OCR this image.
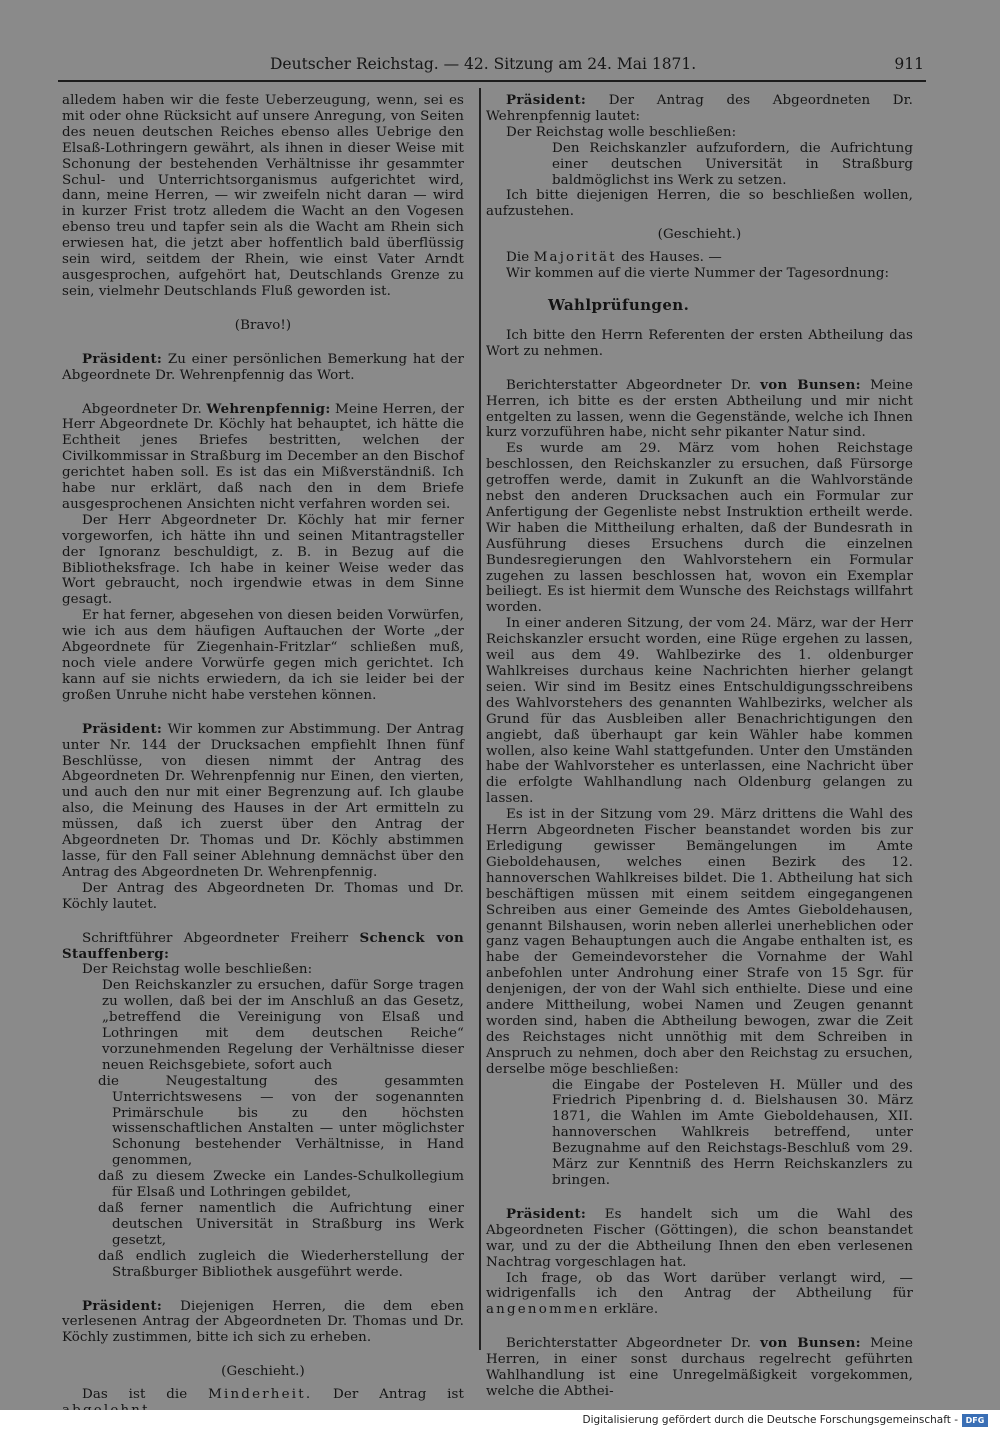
Deutscher Reichstag. — 42. Sitzung am 24. Mai 1871.	911

alledem haben wir die feste Ueberzeugung, wenn, sei es mit oder ohne Rücksicht auf unsere Anregung, von Seiten des neuen deutschen Reiches ebenso alles Uebrige den Elsaß-Lothringern gewährt, als ihnen in dieser Weise mit Schonung der bestehenden Verhältnisse ihr gesammter Schul- und Unterrichtsorganismus aufgerichtet wird, dann, meine Herren, — wir zweifeln nicht daran — wird in kurzer Frist trotz alledem die Wacht an den Vogesen ebenso treu und tapfer sein als die Wacht am Rhein sich erwiesen hat, die jetzt aber hoffentlich bald überflüssig sein wird, seitdem der Rhein, wie einst Vater Arndt ausgesprochen, aufgehört hat, Deutschlands Grenze zu sein, vielmehr Deutschlands Fluß geworden ist.

(Bravo!)

Präsident: Zu einer persönlichen Bemerkung hat der Abgeordnete Dr. Wehrenpfennig das Wort.

Abgeordneter Dr. Wehrenpfennig: Meine Herren, der Herr Abgeordnete Dr. Köchly hat behauptet, ich hätte die Echtheit jenes Briefes bestritten, welchen der Civilkommissar in Straßburg im December an den Bischof gerichtet haben soll. Es ist das ein Mißverständniß. Ich habe nur erklärt, daß nach den in dem Briefe ausgesprochenen Ansichten nicht verfahren worden sei.

Der Herr Abgeordneter Dr. Köchly hat mir ferner vorgeworfen, ich hätte ihn und seinen Mitantragsteller der Ignoranz beschuldigt, z. B. in Bezug auf die Bibliotheksfrage. Ich habe in keiner Weise weder das Wort gebraucht, noch irgendwie etwas in dem Sinne gesagt.

Er hat ferner, abgesehen von diesen beiden Vorwürfen, wie ich aus dem häufigen Auftauchen der Worte „der Abgeordnete für Ziegenhain-Fritzlar“ schließen muß, noch viele andere Vorwürfe gegen mich gerichtet. Ich kann auf sie nichts erwiedern, da ich sie leider bei der großen Unruhe nicht habe verstehen können.

Präsident: Wir kommen zur Abstimmung. Der Antrag unter Nr. 144 der Drucksachen empfiehlt Ihnen fünf Beschlüsse, von diesen nimmt der Antrag des Abgeordneten Dr. Wehrenpfennig nur Einen, den vierten, und auch den nur mit einer Begrenzung auf. Ich glaube also, die Meinung des Hauses in der Art ermitteln zu müssen, daß ich zuerst über den Antrag der Abgeordneten Dr. Thomas und Dr. Köchly abstimmen lasse, für den Fall seiner Ablehnung demnächst über den Antrag des Abgeordneten Dr. Wehrenpfennig.

Der Antrag des Abgeordneten Dr. Thomas und Dr. Köchly lautet.

Schriftführer Abgeordneter Freiherr Schenck von Stauffenberg:

Der Reichstag wolle beschließen:

Den Reichskanzler zu ersuchen, dafür Sorge tragen zu wollen, daß bei der im Anschluß an das Gesetz, „betreffend die Vereinigung von Elsaß und Lothringen mit dem deutschen Reiche“ vorzunehmenden Regelung der Verhältnisse dieser neuen Reichsgebiete, sofort auch

die Neugestaltung des gesammten Unterrichtswesens — von der sogenannten Primärschule bis zu den höchsten wissenschaftlichen Anstalten — unter möglichster Schonung bestehender Verhältnisse, in Hand genommen,

daß zu diesem Zwecke ein Landes-Schulkollegium für Elsaß und Lothringen gebildet,

daß ferner namentlich die Aufrichtung einer deutschen Universität in Straßburg ins Werk gesetzt,

daß endlich zugleich die Wiederherstellung der Straßburger Bibliothek ausgeführt werde.

Präsident: Diejenigen Herren, die dem eben verlesenen Antrag der Abgeordneten Dr. Thomas und Dr. Köchly zustimmen, bitte ich sich zu erheben.

(Geschieht.)

Das ist die Minderheit. Der Antrag ist

Präsident: Der Antrag des Abgeordneten Dr. Wehrenpfennig lautet:

Der Reichstag wolle beschließen:

Den Reichskanzler aufzufordern, die Aufrichtung einer deutschen Universität in Straßburg baldmöglichst ins Werk zu setzen.

Ich bitte diejenigen Herren, die so beschließen wollen, aufzustehen.

(Geschieht.)

Die Majorität des Hauses. —

Wir kommen auf die vierte Nummer der Tagesordnung:

Wahlprüfungen.

Ich bitte den Herrn Referenten der ersten Abtheilung das Wort zu nehmen.

Berichterstatter Abgeordneter Dr. von Bunsen: Meine Herren, ich bitte es der ersten Abtheilung und mir nicht entgelten zu lassen, wenn die Gegenstände, welche ich Ihnen kurz vorzuführen habe, nicht sehr pikanter Natur sind.

Es wurde am 29. März vom hohen Reichstage beschlossen, den Reichskanzler zu ersuchen, daß Fürsorge getroffen werde, damit in Zukunft an die Wahlvorstände nebst den anderen Drucksachen auch ein Formular zur Anfertigung der Gegenliste nebst Instruktion ertheilt werde. Wir haben die Mittheilung erhalten, daß der Bundesrath in Ausführung dieses Ersuchens durch die einzelnen Bundesregierungen den Wahlvorstehern ein Formular zugehen zu lassen beschlossen hat, wovon ein Exemplar beiliegt. Es ist hiermit dem Wunsche des Reichstags willfahrt worden.

In einer anderen Sitzung, der vom 24. März, war der Herr Reichskanzler ersucht worden, eine Rüge ergehen zu lassen, weil aus dem 49. Wahlbezirke des 1. oldenburger Wahlkreises durchaus keine Nachrichten hierher gelangt seien. Wir sind im Besitz eines Entschuldigungsschreibens des Wahlvorstehers des genannten Wahlbezirks, welcher als Grund für das Ausbleiben aller Benachrichtigungen den angiebt, daß überhaupt gar kein Wähler habe kommen wollen, also keine Wahl stattgefunden. Unter den Umständen habe der Wahlvorsteher es unterlassen, eine Nachricht über die erfolgte Wahlhandlung nach Oldenburg gelangen zu lassen.

Es ist in der Sitzung vom 29. März drittens die Wahl des Herrn Abgeordneten Fischer beanstandet worden bis zur Erledigung gewisser Bemängelungen im Amte Gieboldehausen, welches einen Bezirk des 12. hannoverschen Wahlkreises bildet. Die 1. Abtheilung hat sich beschäftigen müssen mit einem seitdem eingegangenen Schreiben aus einer Gemeinde des Amtes Gieboldehausen, genannt Bilshausen, worin neben allerlei unerheblichen oder ganz vagen Behauptungen auch die Angabe enthalten ist, es habe der Gemeindevorsteher die Vornahme der Wahl anbefohlen unter Androhung einer Strafe von 15 Sgr. für denjenigen, der von der Wahl sich enthielte. Diese und eine andere Mittheilung, wobei Namen und Zeugen genannt worden sind, haben die Abtheilung bewogen, zwar die Zeit des Reichstages nicht unnöthig mit dem Schreiben in Anspruch zu nehmen, doch aber den Reichstag zu ersuchen, derselbe möge beschließen:

die Eingabe der Posteleven H. Müller und des Friedrich Pipenbring d. d. Bielshausen 30. März 1871, die Wahlen im Amte Gieboldehausen, XII. hannoverschen Wahlkreis betreffend, unter Bezugnahme auf den Reichstags-Beschluß vom 29. März zur Kenntniß des Herrn Reichskanzlers zu bringen.

Präsident: Es handelt sich um die Wahl des Abgeordneten Fischer (Göttingen), die schon beanstandet war, und zu der die Abtheilung Ihnen den eben verlesenen Nachtrag vorgeschlagen hat.

Ich frage, ob das Wort darüber verlangt wird, — widrigenfalls ich den Antrag der Abtheilung für angenommen erkläre.

Berichterstatter Abgeordneter Dr. von Bunsen: Meine Herren, in einer sonst durchaus regelrecht geführten Wahlhandlung ist eine Unregelmäßigkeit vorgekommen, welche die Abthei-

Digitalisierung gefördert durch die Deutsche Forschungsgemeinschaft - DFG
